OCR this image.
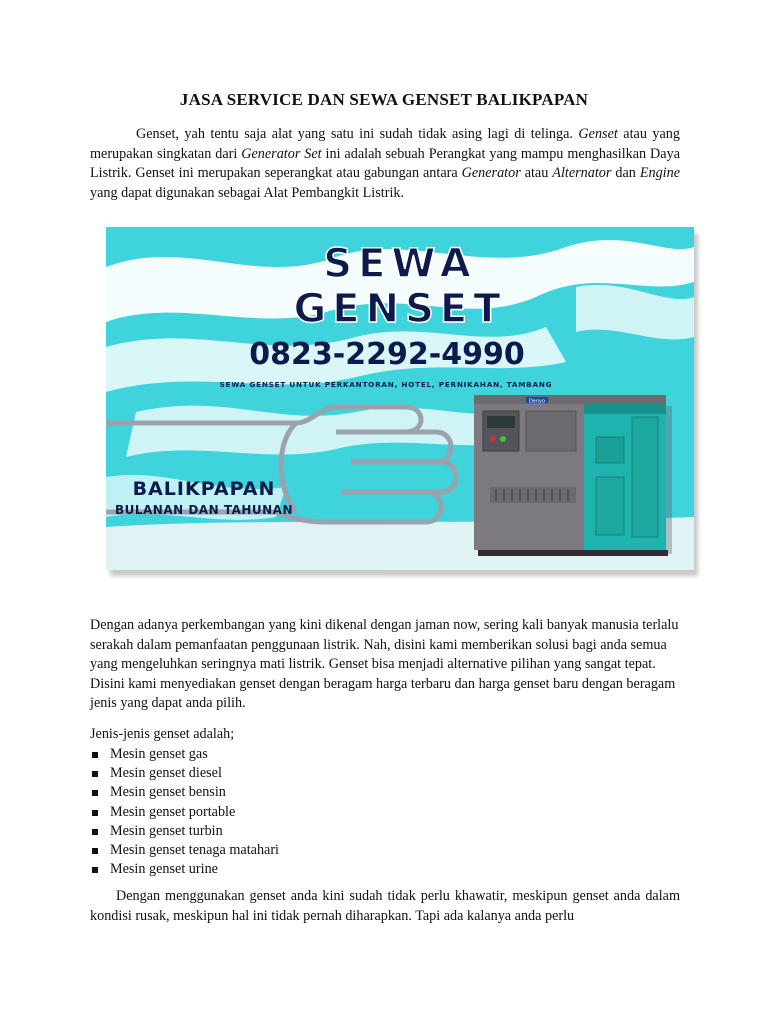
JASA SERVICE DAN SEWA GENSET BALIKPAPAN

Genset, yah tentu saja alat yang satu ini sudah tidak asing lagi di telinga. Genset atau yang merupakan singkatan dari Generator Set ini adalah sebuah Perangkat yang mampu menghasilkan Daya Listrik. Genset ini merupakan seperangkat atau gabungan antara Generator atau Alternator dan Engine yang dapat digunakan sebagai Alat Pembangkit Listrik.

Denyo
SEWA
GENSET
0823-2292-4990
SEWA GENSET UNTUK PERKANTORAN, HOTEL, PERNIKAHAN, TAMBANG
BALIKPAPAN
BULANAN DAN TAHUNAN

Dengan adanya perkembangan yang kini dikenal dengan jaman now, sering kali banyak manusia terlalu serakah dalam pemanfaatan penggunaan listrik. Nah, disini kami memberikan solusi bagi anda semua yang mengeluhkan seringnya mati listrik. Genset bisa menjadi alternative pilihan yang sangat tepat. Disini kami menyediakan genset dengan beragam harga terbaru dan harga genset baru dengan beragam jenis yang dapat anda pilih.

Jenis-jenis genset adalah;
Mesin genset gas
Mesin genset diesel
Mesin genset bensin
Mesin genset portable
Mesin genset turbin
Mesin genset tenaga matahari
Mesin genset urine

Dengan menggunakan genset anda kini sudah tidak perlu khawatir, meskipun genset anda dalam kondisi rusak, meskipun hal ini tidak pernah diharapkan. Tapi ada kalanya anda perlu
